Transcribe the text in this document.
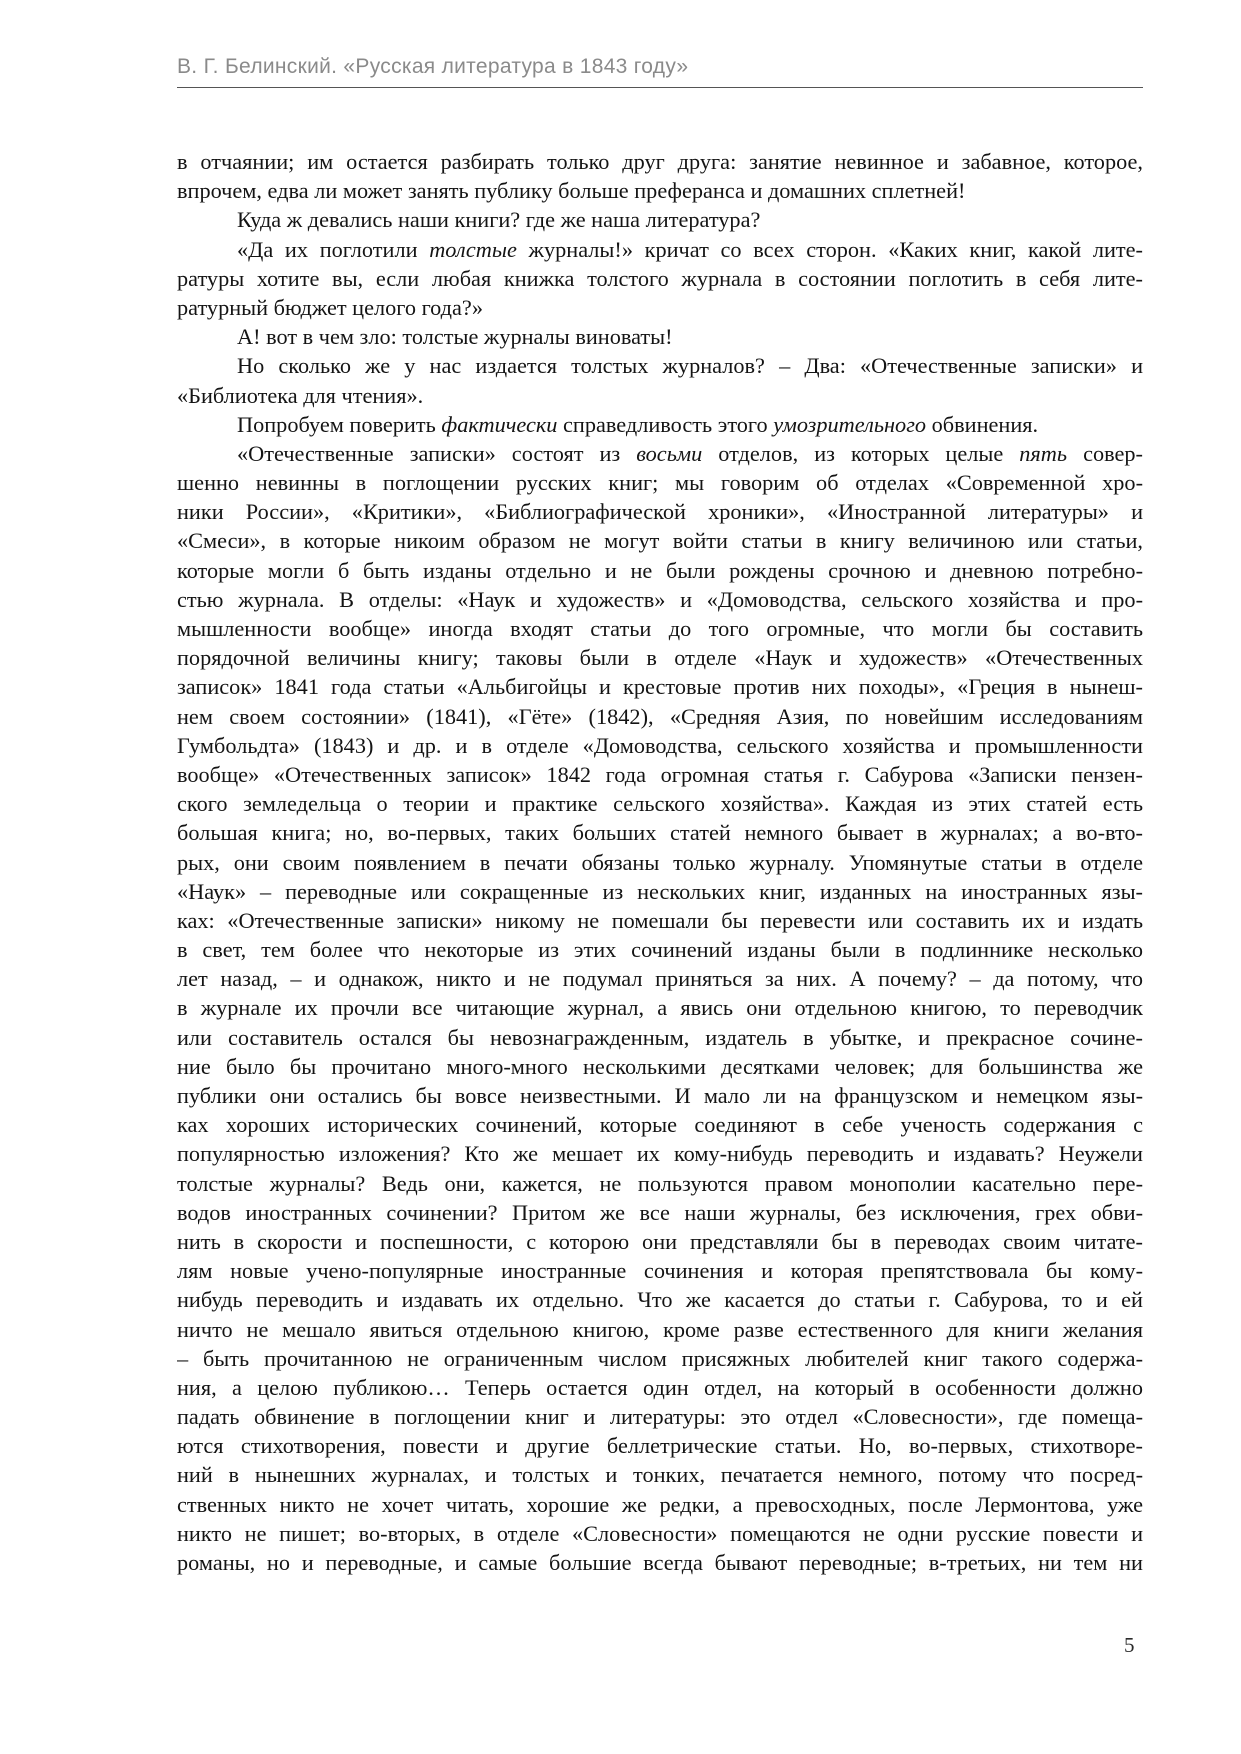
В. Г. Белинский. «Русская литература в 1843 году»
в отчаянии; им остается разбирать только друг друга: занятие невинное и забавное, которое,
впрочем, едва ли может занять публику больше преферанса и домашних сплетней!
Куда ж девались наши книги? где же наша литература?
«Да их поглотили толстые журналы!» кричат со всех сторон. «Каких книг, какой лите-
ратуры хотите вы, если любая книжка толстого журнала в состоянии поглотить в себя лите-
ратурный бюджет целого года?»
А! вот в чем зло: толстые журналы виноваты!
Но сколько же у нас издается толстых журналов? – Два: «Отечественные записки» и
«Библиотека для чтения».
Попробуем поверить фактически справедливость этого умозрительного обвинения.
«Отечественные записки» состоят из восьми отделов, из которых целые пять совер-
шенно невинны в поглощении русских книг; мы говорим об отделах «Современной хро-
ники России», «Критики», «Библиографической хроники», «Иностранной литературы» и
«Смеси», в которые никоим образом не могут войти статьи в книгу величиною или статьи,
которые могли б быть изданы отдельно и не были рождены срочною и дневною потребно-
стью журнала. В отделы: «Наук и художеств» и «Домоводства, сельского хозяйства и про-
мышленности вообще» иногда входят статьи до того огромные, что могли бы составить
порядочной величины книгу; таковы были в отделе «Наук и художеств» «Отечественных
записок» 1841 года статьи «Альбигойцы и крестовые против них походы», «Греция в нынеш-
нем своем состоянии» (1841), «Гёте» (1842), «Средняя Азия, по новейшим исследованиям
Гумбольдта» (1843) и др. и в отделе «Домоводства, сельского хозяйства и промышленности
вообще» «Отечественных записок» 1842 года огромная статья г. Сабурова «Записки пензен-
ского земледельца о теории и практике сельского хозяйства». Каждая из этих статей есть
большая книга; но, во-первых, таких больших статей немного бывает в журналах; а во-вто-
рых, они своим появлением в печати обязаны только журналу. Упомянутые статьи в отделе
«Наук» – переводные или сокращенные из нескольких книг, изданных на иностранных язы-
ках: «Отечественные записки» никому не помешали бы перевести или составить их и издать
в свет, тем более что некоторые из этих сочинений изданы были в подлиннике несколько
лет назад, – и однакож, никто и не подумал приняться за них. А почему? – да потому, что
в журнале их прочли все читающие журнал, а явись они отдельною книгою, то переводчик
или составитель остался бы невознагражденным, издатель в убытке, и прекрасное сочине-
ние было бы прочитано много-много несколькими десятками человек; для большинства же
публики они остались бы вовсе неизвестными. И мало ли на французском и немецком язы-
ках хороших исторических сочинений, которые соединяют в себе ученость содержания с
популярностью изложения? Кто же мешает их кому-нибудь переводить и издавать? Неужели
толстые журналы? Ведь они, кажется, не пользуются правом монополии касательно пере-
водов иностранных сочинении? Притом же все наши журналы, без исключения, грех обви-
нить в скорости и поспешности, с которою они представляли бы в переводах своим читате-
лям новые учено-популярные иностранные сочинения и которая препятствовала бы кому-
нибудь переводить и издавать их отдельно. Что же касается до статьи г. Сабурова, то и ей
ничто не мешало явиться отдельною книгою, кроме разве естественного для книги желания
– быть прочитанною не ограниченным числом присяжных любителей книг такого содержа-
ния, а целою публикою… Теперь остается один отдел, на который в особенности должно
падать обвинение в поглощении книг и литературы: это отдел «Словесности», где помеща-
ются стихотворения, повести и другие беллетрические статьи. Но, во-первых, стихотворе-
ний в нынешних журналах, и толстых и тонких, печатается немного, потому что посред-
ственных никто не хочет читать, хорошие же редки, а превосходных, после Лермонтова, уже
никто не пишет; во-вторых, в отделе «Словесности» помещаются не одни русские повести и
романы, но и переводные, и самые большие всегда бывают переводные; в-третьих, ни тем ни
5
